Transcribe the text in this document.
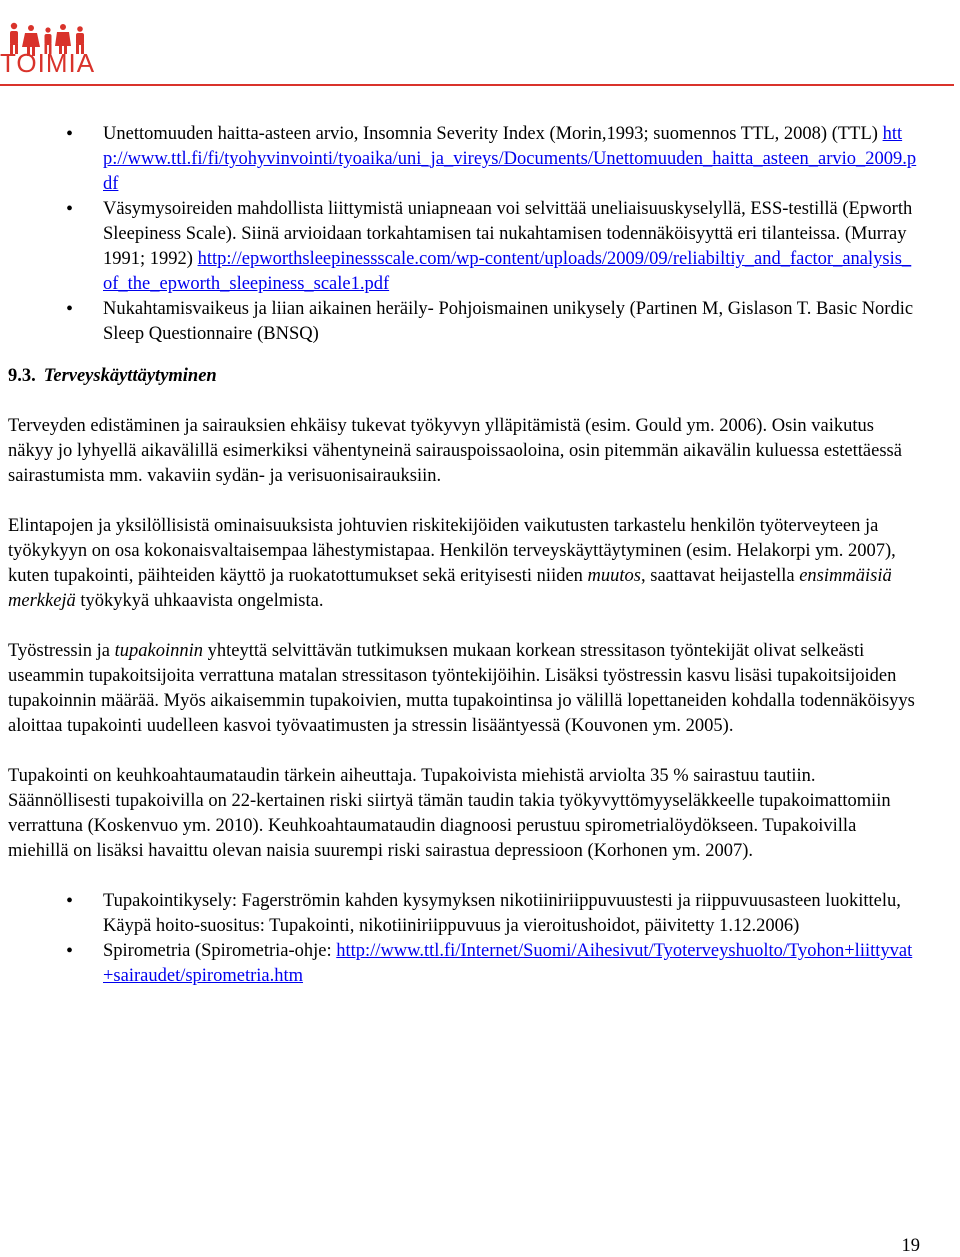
TOIMIA
• Unettomuuden haitta-asteen arvio, Insomnia Severity Index (Morin,1993; suomennos TTL, 2008) (TTL) http://www.ttl.fi/fi/tyohyvinvointi/tyoaika/uni_ja_vireys/Documents/Unettomuuden_haitta_asteen_arvio_2009.pdf
• Väsymysoireiden mahdollista liittymistä uniapneaan voi selvittää uneliaisuuskyselyllä, ESS-testillä (Epworth Sleepiness Scale). Siinä arvioidaan torkahtamisen tai nukahtamisen todennäköisyyttä eri tilanteissa. (Murray 1991; 1992) http://epworthsleepinessscale.com/wp-content/uploads/2009/09/reliabiltiy_and_factor_analysis_of_the_epworth_sleepiness_scale1.pdf
• Nukahtamisvaikeus ja liian aikainen heräily- Pohjoismainen unikysely (Partinen M, Gislason T. Basic Nordic Sleep Questionnaire (BNSQ)
9.3. Terveyskäyttäytyminen

Terveyden edistäminen ja sairauksien ehkäisy tukevat työkyvyn ylläpitämistä (esim. Gould ym. 2006). Osin vaikutus näkyy jo lyhyellä aikavälillä esimerkiksi vähentyneinä sairauspoissaoloina, osin pitemmän aikavälin kuluessa estettäessä sairastumista mm. vakaviin sydän- ja verisuonisairauksiin.

Elintapojen ja yksilöllisistä ominaisuuksista johtuvien riskitekijöiden vaikutusten tarkastelu henkilön työterveyteen ja työkykyyn on osa kokonaisvaltaisempaa lähestymistapaa. Henkilön terveyskäyttäytyminen (esim. Helakorpi ym. 2007), kuten tupakointi, päihteiden käyttö ja ruokatottumukset sekä erityisesti niiden muutos, saattavat heijastella ensimmäisiä merkkejä työkykyä uhkaavista ongelmista.

Työstressin ja tupakoinnin yhteyttä selvittävän tutkimuksen mukaan korkean stressitason työntekijät olivat selkeästi useammin tupakoitsijoita verrattuna matalan stressitason työntekijöihin. Lisäksi työstressin kasvu lisäsi tupakoitsijoiden tupakoinnin määrää. Myös aikaisemmin tupakoivien, mutta tupakointinsa jo välillä lopettaneiden kohdalla todennäköisyys aloittaa tupakointi uudelleen kasvoi työvaatimusten ja stressin lisääntyessä (Kouvonen ym. 2005).

Tupakointi on keuhkoahtaumataudin tärkein aiheuttaja. Tupakoivista miehistä arviolta 35 % sairastuu tautiin. Säännöllisesti tupakoivilla on 22-kertainen riski siirtyä tämän taudin takia työkyvyttömyyseläkkeelle tupakoimattomiin verrattuna (Koskenvuo ym. 2010). Keuhkoahtaumataudin diagnoosi perustuu spirometrialöydökseen. Tupakoivilla miehillä on lisäksi havaittu olevan naisia suurempi riski sairastua depressioon (Korhonen ym. 2007).

• Tupakointikysely: Fagerströmin kahden kysymyksen nikotiiniriippuvuustesti ja riippuvuusasteen luokittelu, Käypä hoito-suositus: Tupakointi, nikotiiniriippuvuus ja vieroitushoidot, päivitetty 1.12.2006)
• Spirometria (Spirometria-ohje: http://www.ttl.fi/Internet/Suomi/Aihesivut/Tyoterveyshuolto/Tyohon+liittyvat+sairaudet/spirometria.htm
19
